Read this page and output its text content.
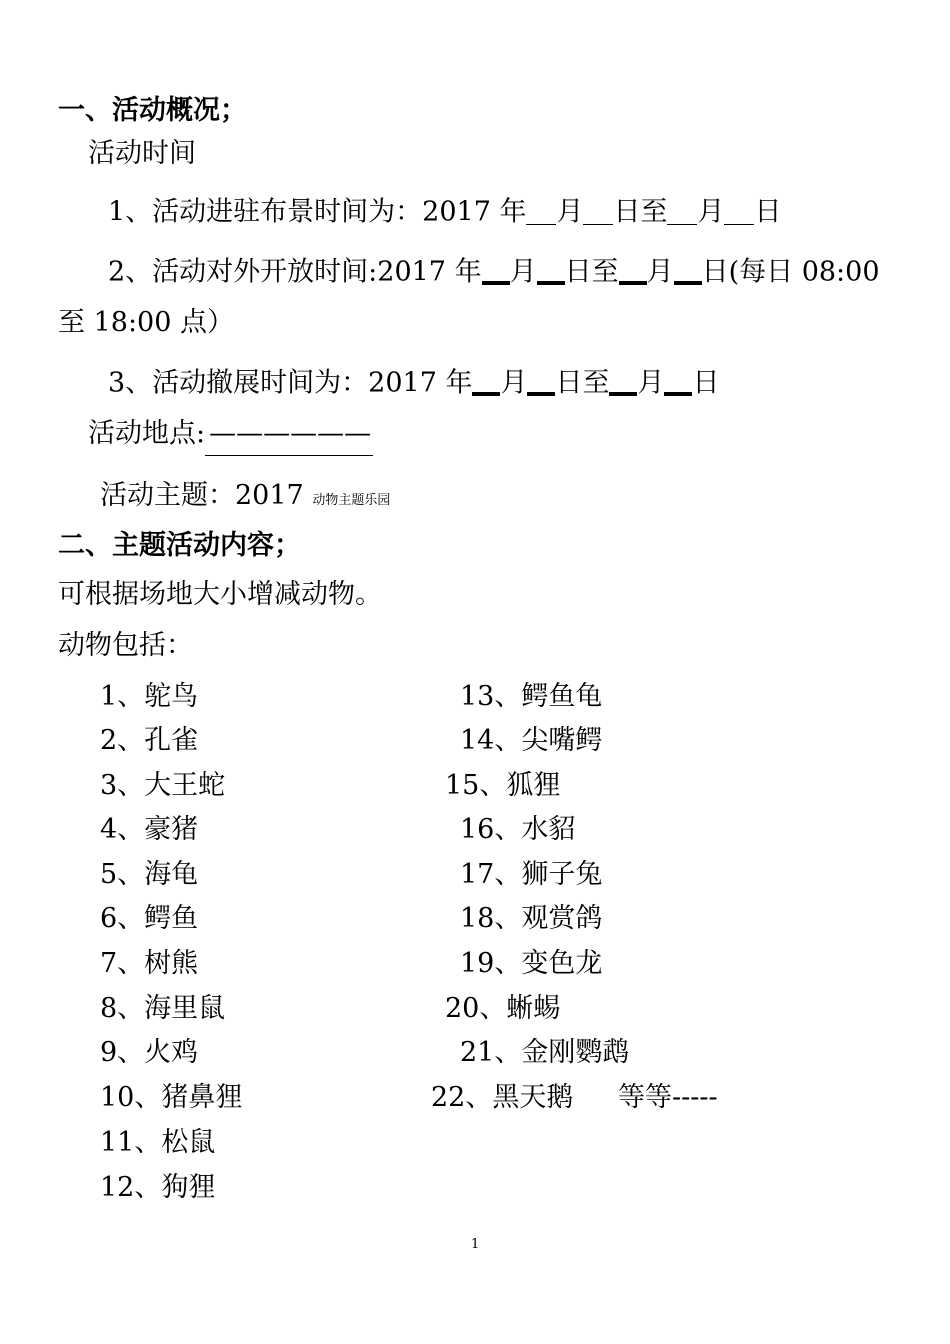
一、活动概况；
活动时间
1、活动进驻布景时间为：2017 年 月 日至 月 日
2、活动对外开放时间:2017 年 月 日至 月 日(每日 08:00
至 18:00 点）
3、活动撤展时间为：2017 年 月 日至 月 日
活动地点: ——————
活动主题：2017 动物主题乐园
二、主题活动内容；
可根据场地大小增减动物。
动物包括：
1、鸵鸟
2、孔雀
3、大王蛇
4、豪猪
5、海龟
6、鳄鱼
7、树熊
8、海里鼠
9、火鸡
10、猪鼻狸
11、松鼠
12、狗狸
13、鳄鱼龟
14、尖嘴鳄
15、狐狸
16、水貂
17、狮子兔
18、观赏鸽
19、变色龙
20、蜥蜴
21、金刚鹦鹉
22、黑天鹅 等等-----
1
